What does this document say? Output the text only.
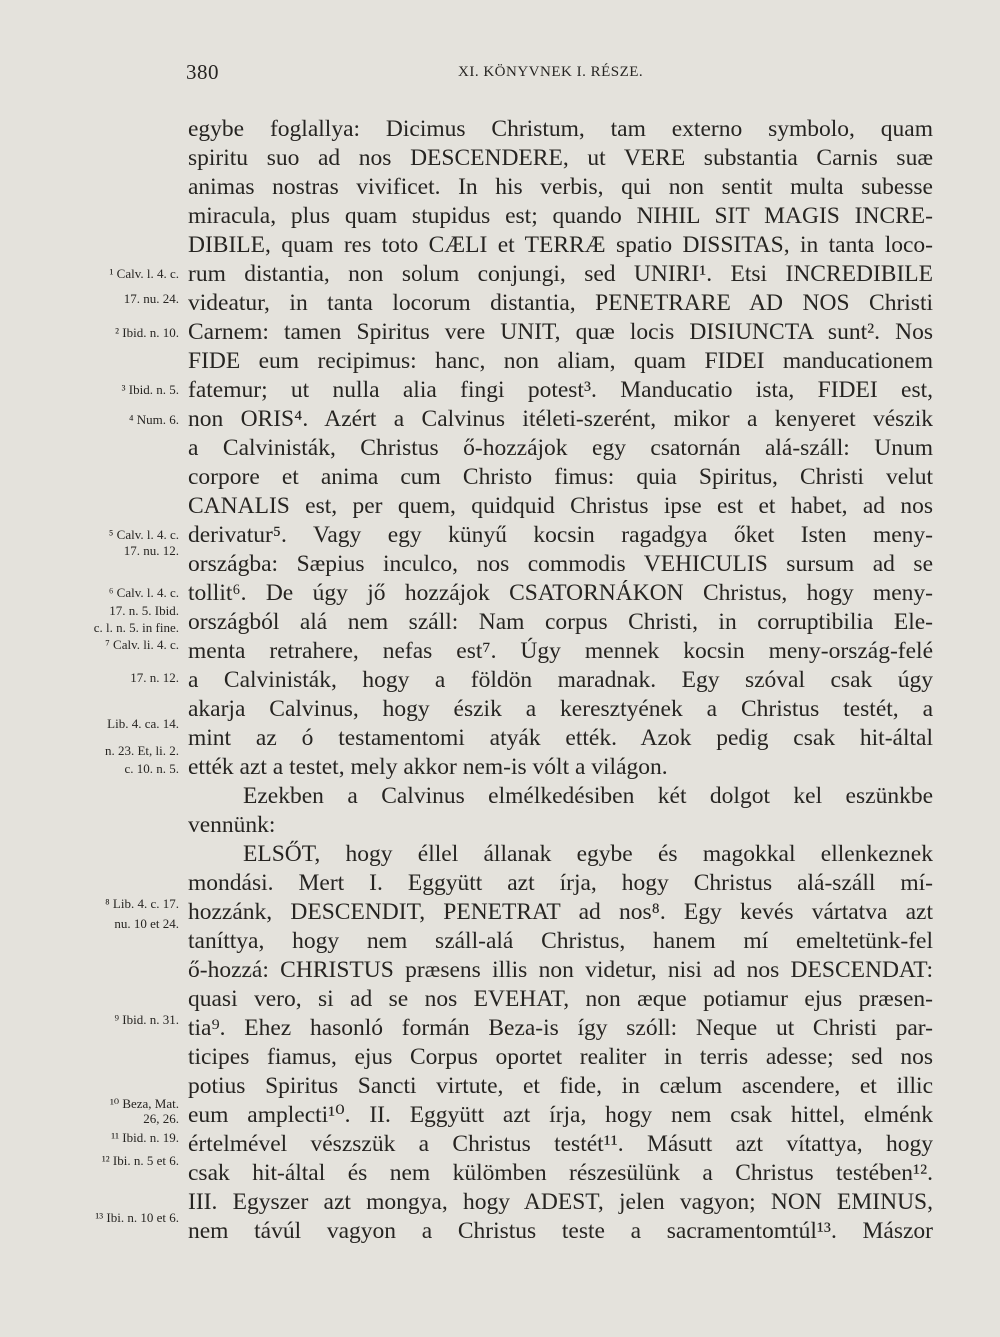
380	XI. KÖNYVNEK I. RÉSZE.
egybe foglallya: Dicimus Christum, tam externo symbolo, quam
spiritu suo ad nos DESCENDERE, ut VERE substantia Carnis suæ
animas nostras vivificet. In his verbis, qui non sentit multa subesse
miracula, plus quam stupidus est; quando NIHIL SIT MAGIS INCRE-
DIBILE, quam res toto CÆLI et TERRÆ spatio DISSITAS, in tanta loco-
rum distantia, non solum conjungi, sed UNIRI¹. Etsi INCREDIBILE
videatur, in tanta locorum distantia, PENETRARE AD NOS Christi
Carnem: tamen Spiritus vere UNIT, quæ locis DISIUNCTA sunt². Nos
FIDE eum recipimus: hanc, non aliam, quam FIDEI manducationem
fatemur; ut nulla alia fingi potest³. Manducatio ista, FIDEI est,
non ORIS⁴. Azért a Calvinus itéleti-szerént, mikor a kenyeret vészik
a Calvinisták, Christus ő-hozzájok egy csatornán alá-száll: Unum
corpore et anima cum Christo fimus: quia Spiritus, Christi velut
CANALIS est, per quem, quidquid Christus ipse est et habet, ad nos
derivatur⁵. Vagy egy künyű kocsin ragadgya őket Isten meny-
országba: Sæpius inculco, nos commodis VEHICULIS sursum ad se
tollit⁶. De úgy jő hozzájok CSATORNÁKON Christus, hogy meny-
országból alá nem száll: Nam corpus Christi, in corruptibilia Ele-
menta retrahere, nefas est⁷. Úgy mennek kocsin meny-ország-felé
a Calvinisták, hogy a földön maradnak. Egy szóval csak úgy
akarja Calvinus, hogy észik a keresztyének a Christus testét, a
mint az ó testamentomi atyák ették. Azok pedig csak hit-által
ették azt a testet, mely akkor nem-is vólt a világon.
Ezekben a Calvinus elmélkedésiben két dolgot kel eszünkbe
vennünk:
ELSŐT, hogy éllel állanak egybe és magokkal ellenkeznek
mondási. Mert I. Eggyütt azt írja, hogy Christus alá-száll mí-
hozzánk, DESCENDIT, PENETRAT ad nos⁸. Egy kevés vártatva azt
taníttya, hogy nem száll-alá Christus, hanem mí emeltetünk-fel
ő-hozzá: CHRISTUS præsens illis non videtur, nisi ad nos DESCENDAT:
quasi vero, si ad se nos EVEHAT, non æque potiamur ejus præsen-
tia⁹. Ehez hasonló formán Beza-is így szóll: Neque ut Christi par-
ticipes fiamus, ejus Corpus oportet realiter in terris adesse; sed nos
potius Spiritus Sancti virtute, et fide, in cælum ascendere, et illic
eum amplecti¹⁰. II. Eggyütt azt írja, hogy nem csak hittel, elménk
értelmével vészszük a Christus testét¹¹. Másutt azt vítattya, hogy
csak hit-által és nem külömben részesülünk a Christus testében¹².
III. Egyszer azt mongya, hogy ADEST, jelen vagyon; NON EMINUS,
nem távúl vagyon a Christus teste a sacramentomtúl¹³. Mászor
¹ Calv. l. 4. c.
17. nu. 24.
² Ibid. n. 10.
³ Ibid. n. 5.
⁴ Num. 6.
⁵ Calv. l. 4. c.
17. nu. 12.
⁶ Calv. l. 4. c.
17. n. 5. Ibid.
c. l. n. 5. in fine.
⁷ Calv. li. 4. c.
17. n. 12.
Lib. 4. ca. 14.
n. 23. Et, li. 2.
c. 10. n. 5.
⁸ Lib. 4. c. 17.
nu. 10 et 24.
⁹ Ibid. n. 31.
¹⁰ Beza, Mat.
26, 26.
¹¹ Ibid. n. 19.
¹² Ibi. n. 5 et 6.
¹³ Ibi. n. 10 et 6.
